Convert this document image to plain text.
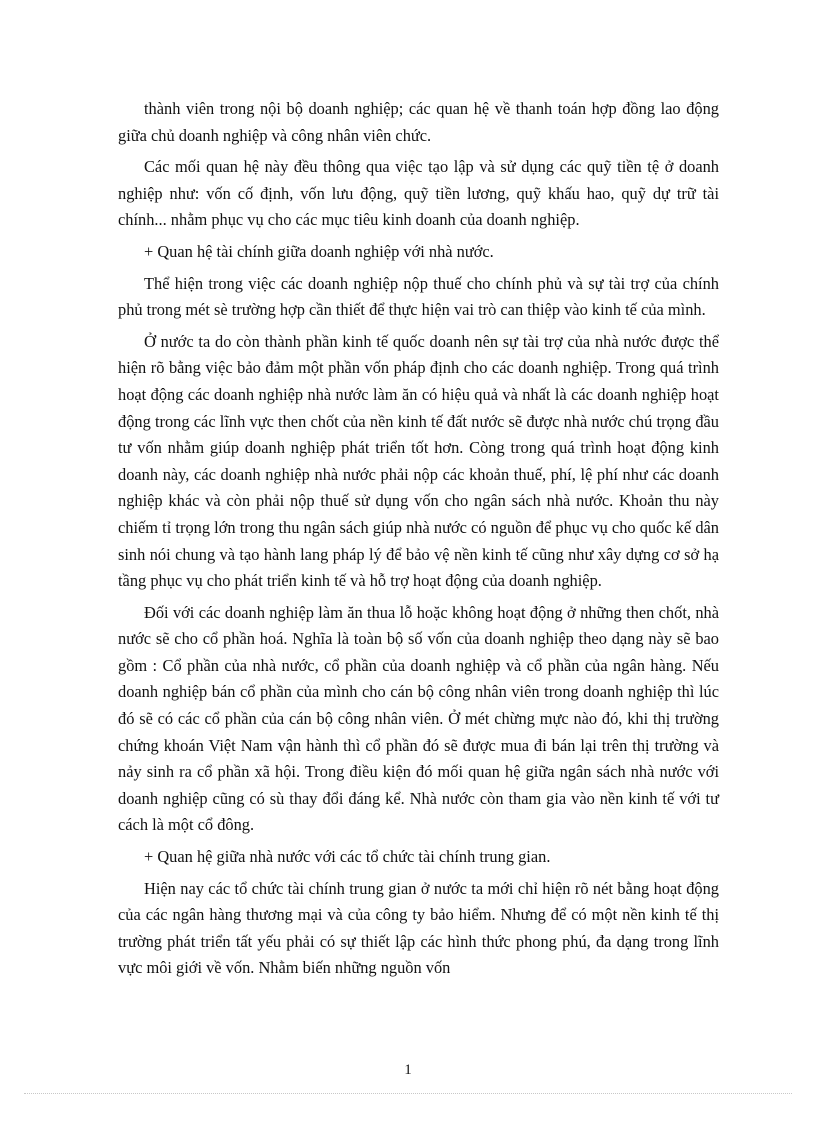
thành viên trong nội bộ doanh nghiệp; các quan hệ về thanh toán hợp đồng lao động giữa chủ doanh nghiệp và công nhân viên chức.

Các mối quan hệ này đều thông qua việc tạo lập và sử dụng các quỹ tiền tệ ở doanh nghiệp như: vốn cố định, vốn lưu động, quỹ tiền lương, quỹ khấu hao, quỹ dự trữ tài chính... nhằm phục vụ cho các mục tiêu kinh doanh của doanh nghiệp.

+ Quan hệ tài chính giữa doanh nghiệp với nhà nước.

Thể hiện trong việc các doanh nghiệp nộp thuế cho chính phủ và sự tài trợ của chính phủ trong mét sè trường hợp cần thiết để thực hiện vai trò can thiệp vào kinh tế của mình.

Ở nước ta do còn thành phần kinh tế quốc doanh nên sự tài trợ của nhà nước được thể hiện rõ bằng việc bảo đảm một phần vốn pháp định cho các doanh nghiệp. Trong quá trình hoạt động các doanh nghiệp nhà nước làm ăn có hiệu quả và nhất là các doanh nghiệp hoạt động trong các lĩnh vực then chốt của nền kinh tế đất nước sẽ được nhà nước chú trọng đầu tư vốn nhằm giúp doanh nghiệp phát triển tốt hơn. Còng trong quá trình hoạt động kinh doanh này, các doanh nghiệp nhà nước phải nộp các khoản thuế, phí, lệ phí như các doanh nghiệp khác và còn phải nộp thuế sử dụng vốn cho ngân sách nhà nước. Khoản thu này chiếm tỉ trọng lớn trong thu ngân sách giúp nhà nước có nguồn để phục vụ cho quốc kế dân sinh nói chung và tạo hành lang pháp lý để bảo vệ nền kinh tế cũng như xây dựng cơ sở hạ tầng phục vụ cho phát triển kinh tế và hỗ trợ hoạt động của doanh nghiệp.

Đối với các doanh nghiệp làm ăn thua lỗ hoặc không hoạt động ở những then chốt, nhà nước sẽ cho cổ phần hoá. Nghĩa là toàn bộ số vốn của doanh nghiệp theo dạng này sẽ bao gồm : Cổ phần của nhà nước, cổ phần của doanh nghiệp và cổ phần của ngân hàng. Nếu doanh nghiệp bán cổ phần của mình cho cán bộ công nhân viên trong doanh nghiệp thì lúc đó sẽ có các cổ phần của cán bộ công nhân viên. Ở mét chừng mực nào đó, khi thị trường chứng khoán Việt Nam vận hành thì cổ phần đó sẽ được mua đi bán lại trên thị trường và nảy sinh ra cổ phần xã hội. Trong điều kiện đó mối quan hệ giữa ngân sách nhà nước với doanh nghiệp cũng có sù thay đổi đáng kể. Nhà nước còn tham gia vào nền kinh tế với tư cách là một cổ đông.

+ Quan hệ giữa nhà nước với các tổ chức tài chính trung gian.

Hiện nay các tổ chức tài chính trung gian ở nước ta mới chỉ hiện rõ nét bằng hoạt động của các ngân hàng thương mại và của công ty bảo hiểm. Nhưng để có một nền kinh tế thị trường phát triển tất yếu phải có sự thiết lập các hình thức phong phú, đa dạng trong lĩnh vực môi giới về vốn. Nhằm biến những nguồn vốn

1
